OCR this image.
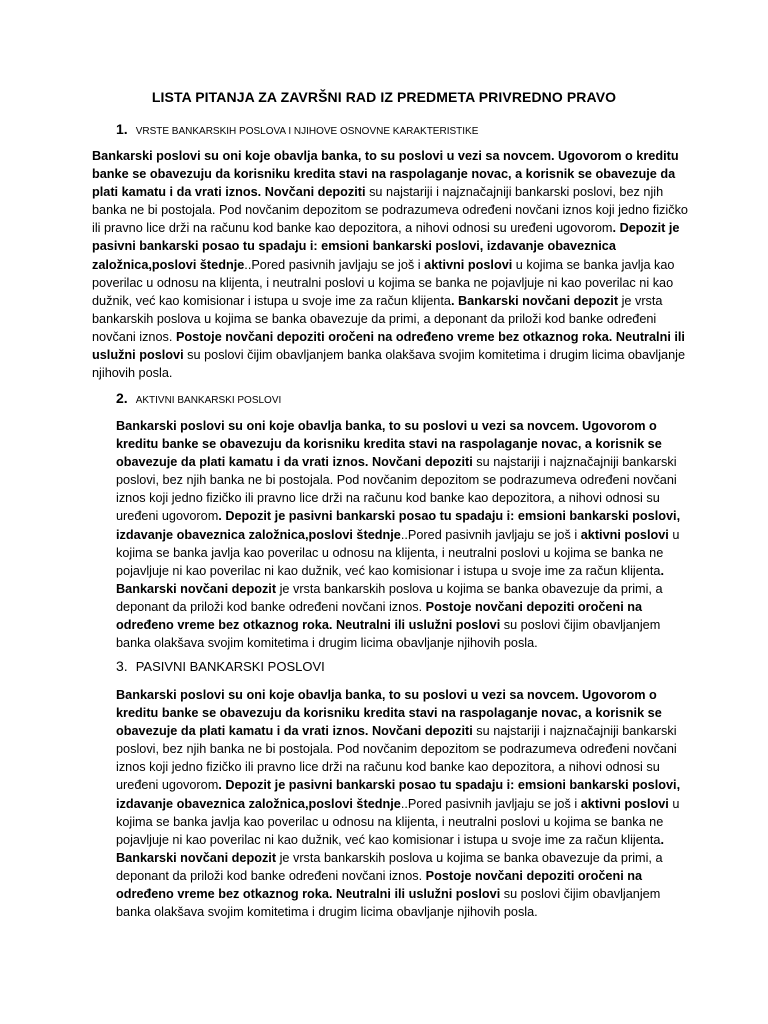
LISTA PITANJA ZA ZAVRŠNI RAD IZ PREDMETA PRIVREDNO PRAVO
1. VRSTE BANKARSKIH POSLOVA I NJIHOVE OSNOVNE KARAKTERISTIKE

Bankarski poslovi su oni koje obavlja banka, to su poslovi u vezi sa novcem. Ugovorom o kreditu banke se obavezuju da korisniku kredita stavi na raspolaganje novac, a korisnik se obavezuje da plati kamatu i da vrati iznos. Novčani depoziti su najstariji i najznačajniji bankarski poslovi, bez njih banka ne bi postojala. Pod novčanim depozitom se podrazumeva određeni novčani iznos koji jedno fizičko ili pravno lice drži na računu kod banke kao depozitora, a nihovi odnosi su uređeni ugovorom. Depozit je pasivni bankarski posao tu spadaju i: emsioni bankarski poslovi, izdavanje obaveznica založnica,poslovi štednje..Pored pasivnih javljaju se još i aktivni poslovi u kojima se banka javlja kao poverilac u odnosu na klijenta, i neutralni poslovi u kojima se banka ne pojavljuje ni kao poverilac ni kao dužnik, već kao komisionar i istupa u svoje ime za račun klijenta. Bankarski novčani depozit je vrsta bankarskih poslova u kojima se banka obavezuje da primi, a deponant da priloži kod banke određeni novčani iznos. Postoje novčani depoziti oročeni na određeno vreme bez otkaznog roka. Neutralni ili uslužni poslovi su poslovi čijim obavljanjem banka olakšava svojim komitetima i drugim licima obavljanje njihovih posla.

2. AKTIVNI BANKARSKI POSLOVI

Bankarski poslovi su oni koje obavlja banka, to su poslovi u vezi sa novcem. Ugovorom o kreditu banke se obavezuju da korisniku kredita stavi na raspolaganje novac, a korisnik se obavezuje da plati kamatu i da vrati iznos. Novčani depoziti su najstariji i najznačajniji bankarski poslovi, bez njih banka ne bi postojala. Pod novčanim depozitom se podrazumeva određeni novčani iznos koji jedno fizičko ili pravno lice drži na računu kod banke kao depozitora, a nihovi odnosi su uređeni ugovorom. Depozit je pasivni bankarski posao tu spadaju i: emsioni bankarski poslovi, izdavanje obaveznica založnica,poslovi štednje..Pored pasivnih javljaju se još i aktivni poslovi u kojima se banka javlja kao poverilac u odnosu na klijenta, i neutralni poslovi u kojima se banka ne pojavljuje ni kao poverilac ni kao dužnik, već kao komisionar i istupa u svoje ime za račun klijenta. Bankarski novčani depozit je vrsta bankarskih poslova u kojima se banka obavezuje da primi, a deponant da priloži kod banke određeni novčani iznos. Postoje novčani depoziti oročeni na određeno vreme bez otkaznog roka. Neutralni ili uslužni poslovi su poslovi čijim obavljanjem banka olakšava svojim komitetima i drugim licima obavljanje njihovih posla.

3. PASIVNI BANKARSKI POSLOVI

Bankarski poslovi su oni koje obavlja banka, to su poslovi u vezi sa novcem. Ugovorom o kreditu banke se obavezuju da korisniku kredita stavi na raspolaganje novac, a korisnik se obavezuje da plati kamatu i da vrati iznos. Novčani depoziti su najstariji i najznačajniji bankarski poslovi, bez njih banka ne bi postojala. Pod novčanim depozitom se podrazumeva određeni novčani iznos koji jedno fizičko ili pravno lice drži na računu kod banke kao depozitora, a nihovi odnosi su uređeni ugovorom. Depozit je pasivni bankarski posao tu spadaju i: emsioni bankarski poslovi, izdavanje obaveznica založnica,poslovi štednje..Pored pasivnih javljaju se još i aktivni poslovi u kojima se banka javlja kao poverilac u odnosu na klijenta, i neutralni poslovi u kojima se banka ne pojavljuje ni kao poverilac ni kao dužnik, već kao komisionar i istupa u svoje ime za račun klijenta. Bankarski novčani depozit je vrsta bankarskih poslova u kojima se banka obavezuje da primi, a deponant da priloži kod banke određeni novčani iznos. Postoje novčani depoziti oročeni na određeno vreme bez otkaznog roka. Neutralni ili uslužni poslovi su poslovi čijim obavljanjem banka olakšava svojim komitetima i drugim licima obavljanje njihovih posla.
